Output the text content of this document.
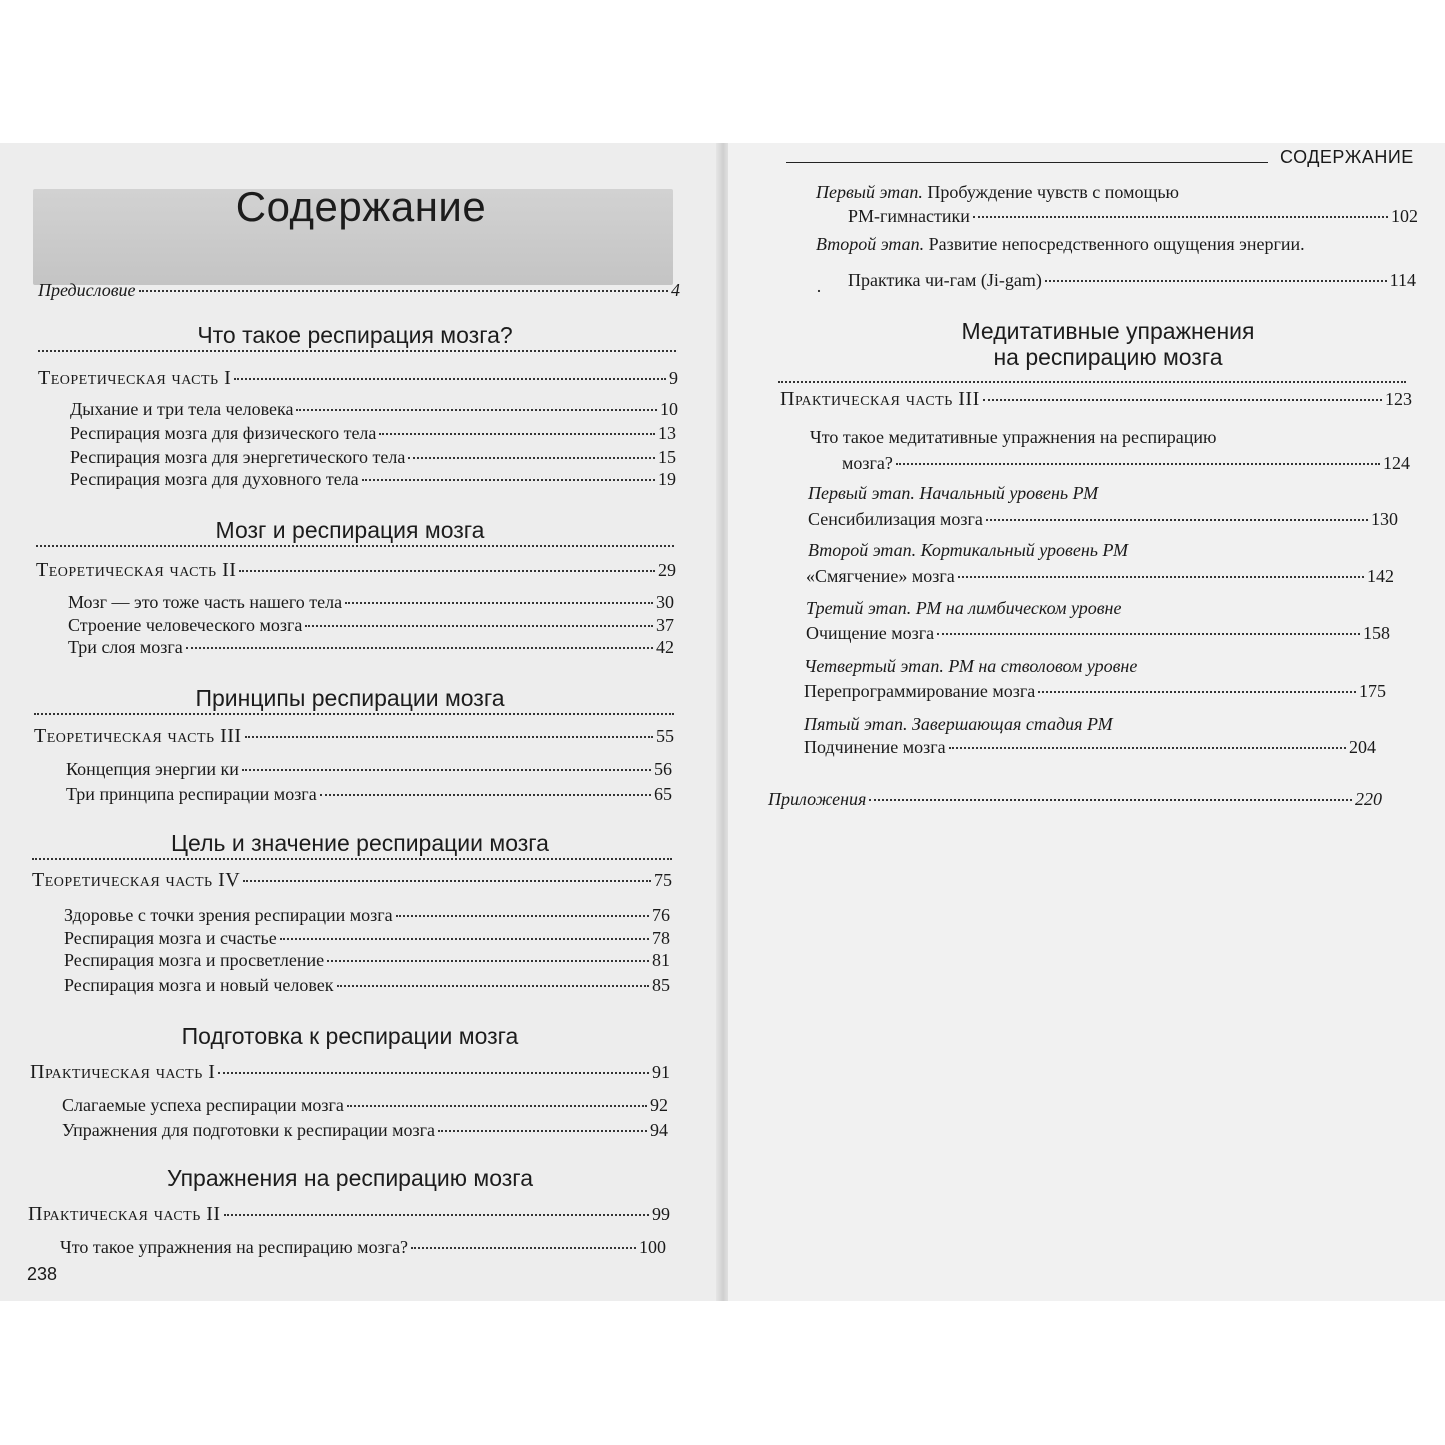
Содержание
Предисловие	4
Что такое респирация мозга?
Теоретическая часть I	9
Дыхание и три тела человека	10
Респирация мозга для физического тела	13
Респирация мозга для энергетического тела	15
Респирация мозга для духовного тела	19
Мозг и респирация мозга
Теоретическая часть II	29
Мозг — это тоже часть нашего тела	30
Строение человеческого мозга	37
Три слоя мозга	42
Принципы респирации мозга
Теоретическая часть III	55
Концепция энергии ки	56
Три принципа респирации мозга	65
Цель и значение респирации мозга
Теоретическая часть IV	75
Здоровье с точки зрения респирации мозга	76
Респирация мозга и счастье	78
Респирация мозга и просветление	81
Респирация мозга и новый человек	85
Подготовка к респирации мозга
Практическая часть I	91
Слагаемые успеха респирации мозга	92
Упражнения для подготовки к респирации мозга	94
Упражнения на респирацию мозга
Практическая часть II	99
Что такое упражнения на респирацию мозга?	100
238
СОДЕРЖАНИЕ
Первый этап. Пробуждение чувств с помощью
РМ-гимнастики	102
Второй этап. Развитие непосредственного ощущения энергии.
Практика чи-гам (Ji-gam)	114
·
Медитативные упражнения
на респирацию мозга
Практическая часть III	123
Что такое медитативные упражнения на респирацию
мозга?	124
Первый этап. Начальный уровень РМ
Сенсибилизация мозга	130
Второй этап. Кортикальный уровень РМ
«Смягчение» мозга	142
Третий этап. РМ на лимбическом уровне
Очищение мозга	158
Четвертый этап. РМ на стволовом уровне
Перепрограммирование мозга	175
Пятый этап. Завершающая стадия РМ
Подчинение мозга	204
Приложения	220
